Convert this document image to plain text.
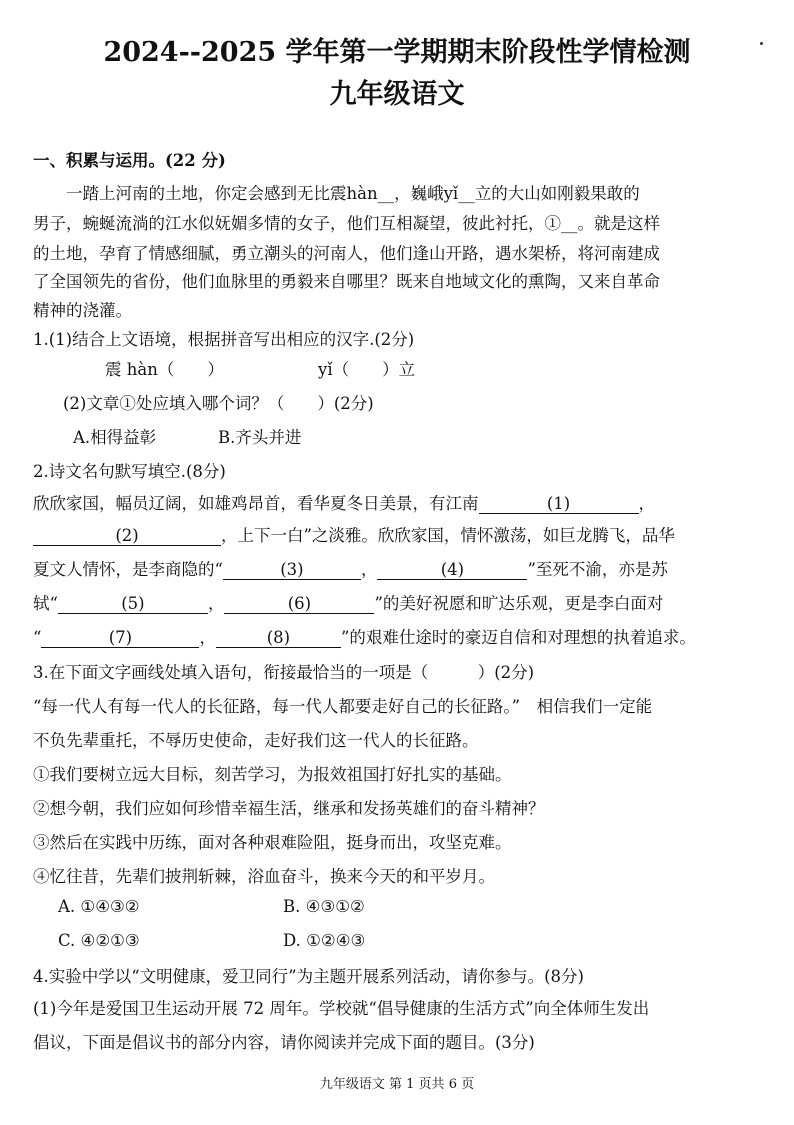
2024--2025 学年第一学期期末阶段性学情检测
九年级语文
一、积累与运用。(22 分)
　　一踏上河南的土地，你定会感到无比震hàn__，巍峨yǐ__立的大山如刚毅果敢的
男子，蜿蜒流淌的江水似妩媚多情的女子，他们互相凝望，彼此衬托，①__。就是这样
的土地，孕育了情感细腻，勇立潮头的河南人，他们逢山开路，遇水架桥，将河南建成
了全国领先的省份，他们血脉里的勇毅来自哪里？既来自地域文化的熏陶，又来自革命
精神的浇灌。
1.(1)结合上文语境，根据拼音写出相应的汉字.(2分)
震 hàn（　　）	yǐ（　　）立
(2)文章①处应填入哪个词？（　　）(2分)
A.相得益彰	B.齐头并进
2.诗文名句默写填空.(8分)
欣欣家国，幅员辽阔，如雄鸡昂首，看华夏冬日美景，有江南	(1)	，
(2)	，上下一白”之淡雅。欣欣家国，情怀激荡，如巨龙腾飞，品华
夏文人情怀，是李商隐的“	(3)	，	(4)	”至死不渝，亦是苏
轼“	(5)	，	(6)	”的美好祝愿和旷达乐观，更是李白面对
“	(7)	，	(8)	”的艰难仕途时的豪迈自信和对理想的执着追求。
3.在下面文字画线处填入语句，衔接最恰当的一项是（　　　）(2分)
“每一代人有每一代人的长征路，每一代人都要走好自己的长征路。”　相信我们一定能
不负先辈重托，不辱历史使命，走好我们这一代人的长征路。
①我们要树立远大目标，刻苦学习，为报效祖国打好扎实的基础。
②想今朝，我们应如何珍惜幸福生活，继承和发扬英雄们的奋斗精神？
③然后在实践中历练，面对各种艰难险阻，挺身而出，攻坚克难。
④忆往昔，先辈们披荆斩棘，浴血奋斗，换来今天的和平岁月。
A. ①④③②	B. ④③①②
C. ④②①③	D. ①②④③
4.实验中学以“文明健康，爱卫同行”为主题开展系列活动，请你参与。(8分)
(1)今年是爱国卫生运动开展 72 周年。学校就“倡导健康的生活方式”向全体师生发出
倡议，下面是倡议书的部分内容，请你阅读并完成下面的题目。(3分)
九年级语文 第 1 页共 6 页
